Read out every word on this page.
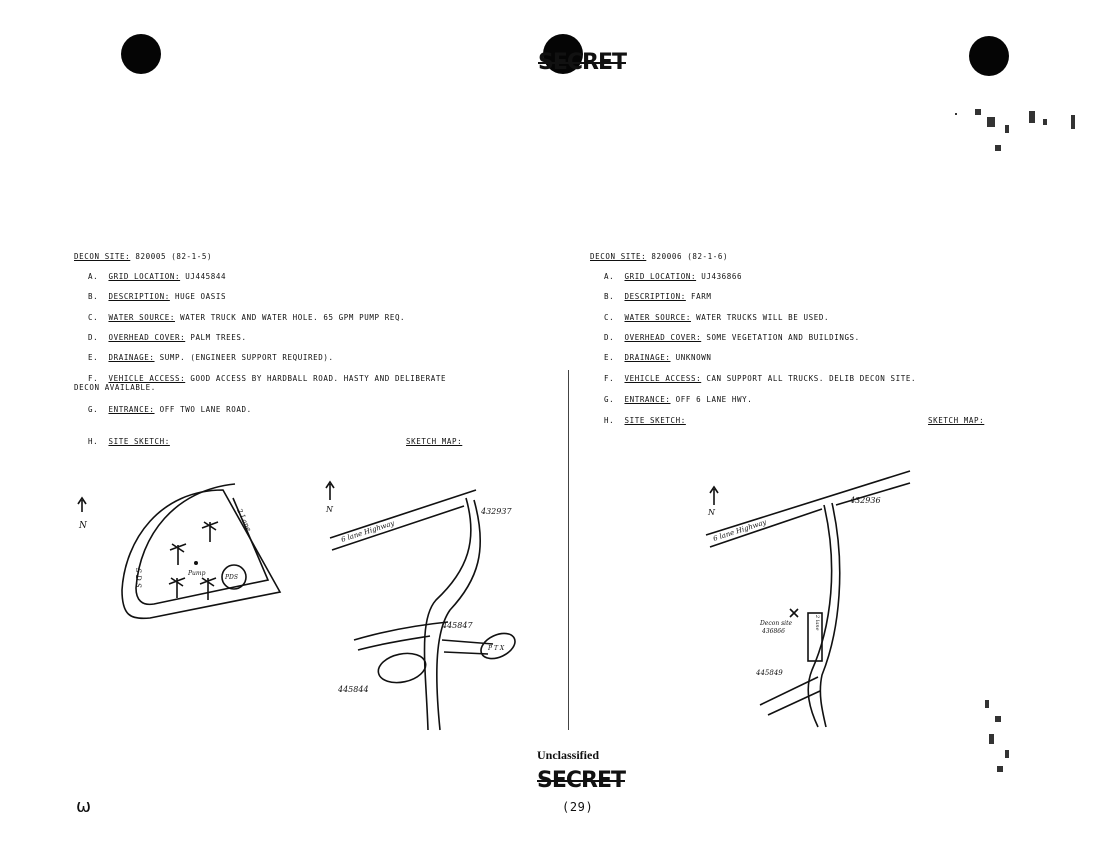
SECRET
DECON SITE: 820005 (82-1-5)
A. GRID LOCATION: UJ445844
B. DESCRIPTION: HUGE OASIS
C. WATER SOURCE: WATER TRUCK AND WATER HOLE. 65 GPM PUMP REQ.
D. OVERHEAD COVER: PALM TREES.
E. DRAINAGE: SUMP. (ENGINEER SUPPORT REQUIRED).
F. VEHICLE ACCESS: GOOD ACCESS BY HARDBALL ROAD. HASTY AND DELIBERATE
DECON AVAILABLE.
G. ENTRANCE: OFF TWO LANE ROAD.
H. SITE SKETCH:	SKETCH MAP:
DECON SITE: 820006 (82-1-6)
A. GRID LOCATION: UJ436866
B. DESCRIPTION: FARM
C. WATER SOURCE: WATER TRUCKS WILL BE USED.
D. OVERHEAD COVER: SOME VEGETATION AND BUILDINGS.
E. DRAINAGE: UNKNOWN
F. VEHICLE ACCESS: CAN SUPPORT ALL TRUCKS. DELIB DECON SITE.
G. ENTRANCE: OFF 6 LANE HWY.
H. SITE SKETCH:	SKETCH MAP:
N	2 Lane
S D S	Pump
PDS
N
6 lane Highway
432937
445847
445844
P T X
N
6 lane Highway
432936
2 lane
Decon site
436866
445849
Unclassified
SECRET
(29)
ω
